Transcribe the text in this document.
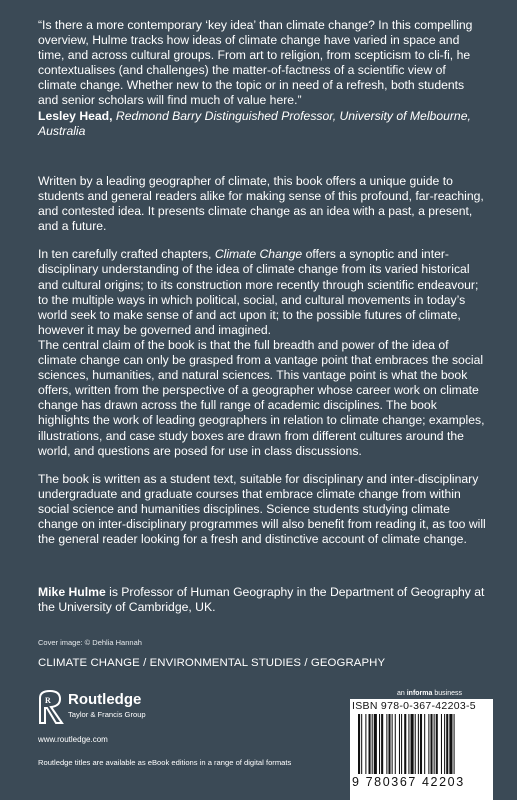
“Is there a more contemporary ‘key idea’ than climate change? In this compelling overview, Hulme tracks how ideas of climate change have varied in space and time, and across cultural groups. From art to religion, from scepticism to cli-fi, he contextualises (and challenges) the matter-of-factness of a scientific view of climate change. Whether new to the topic or in need of a refresh, both students and senior scholars will find much of value here.”
Lesley Head, Redmond Barry Distinguished Professor, University of Melbourne, Australia

Written by a leading geographer of climate, this book offers a unique guide to students and general readers alike for making sense of this profound, far-reaching, and contested idea. It presents climate change as an idea with a past, a present, and a future.

In ten carefully crafted chapters, Climate Change offers a synoptic and inter-disciplinary understanding of the idea of climate change from its varied historical and cultural origins; to its construction more recently through scientific endeavour; to the multiple ways in which political, social, and cultural movements in today’s world seek to make sense of and act upon it; to the possible futures of climate, however it may be governed and imagined.

The central claim of the book is that the full breadth and power of the idea of climate change can only be grasped from a vantage point that embraces the social sciences, humanities, and natural sciences. This vantage point is what the book offers, written from the perspective of a geographer whose career work on climate change has drawn across the full range of academic disciplines. The book highlights the work of leading geographers in relation to climate change; examples, illustrations, and case study boxes are drawn from different cultures around the world, and questions are posed for use in class discussions.

The book is written as a student text, suitable for disciplinary and inter-disciplinary undergraduate and graduate courses that embrace climate change from within social science and humanities disciplines. Science students studying climate change on inter-disciplinary programmes will also benefit from reading it, as too will the general reader looking for a fresh and distinctive account of climate change.

Mike Hulme is Professor of Human Geography in the Department of Geography at the University of Cambridge, UK.
Cover image: © Dehlia Hannah
CLIMATE CHANGE / ENVIRONMENTAL STUDIES / GEOGRAPHY
R Routledge
Taylor & Francis Group
www.routledge.com
Routledge titles are available as eBook editions in a range of digital formats
an informa business
ISBN 978-0-367-42203-5
9 780367 42203
